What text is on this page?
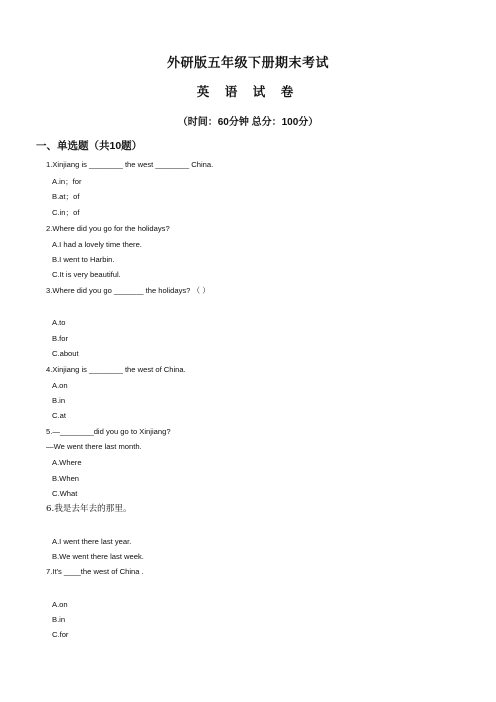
外研版五年级下册期末考试
英 语 试 卷
（时间：60分钟 总分：100分）
一、单选题（共10题）
1.Xinjiang is ________ the west ________ China.
A.in；for
B.at；of
C.in；of
2.Where did you go for the holidays?
A.I had a lovely time there.
B.I went to Harbin.
C.It is very beautiful.
3.Where did you go _______ the holidays? （ ）
A.to
B.for
C.about
4.Xinjiang is ________ the west of China.
A.on
B.in
C.at
5.—________did you go to Xinjiang?
—We went there last month.
A.Where
B.When
C.What
6.我是去年去的那里。
A.I went there last year.
B.We went there last week.
7.It's ____the west of China .
A.on
B.in
C.for
